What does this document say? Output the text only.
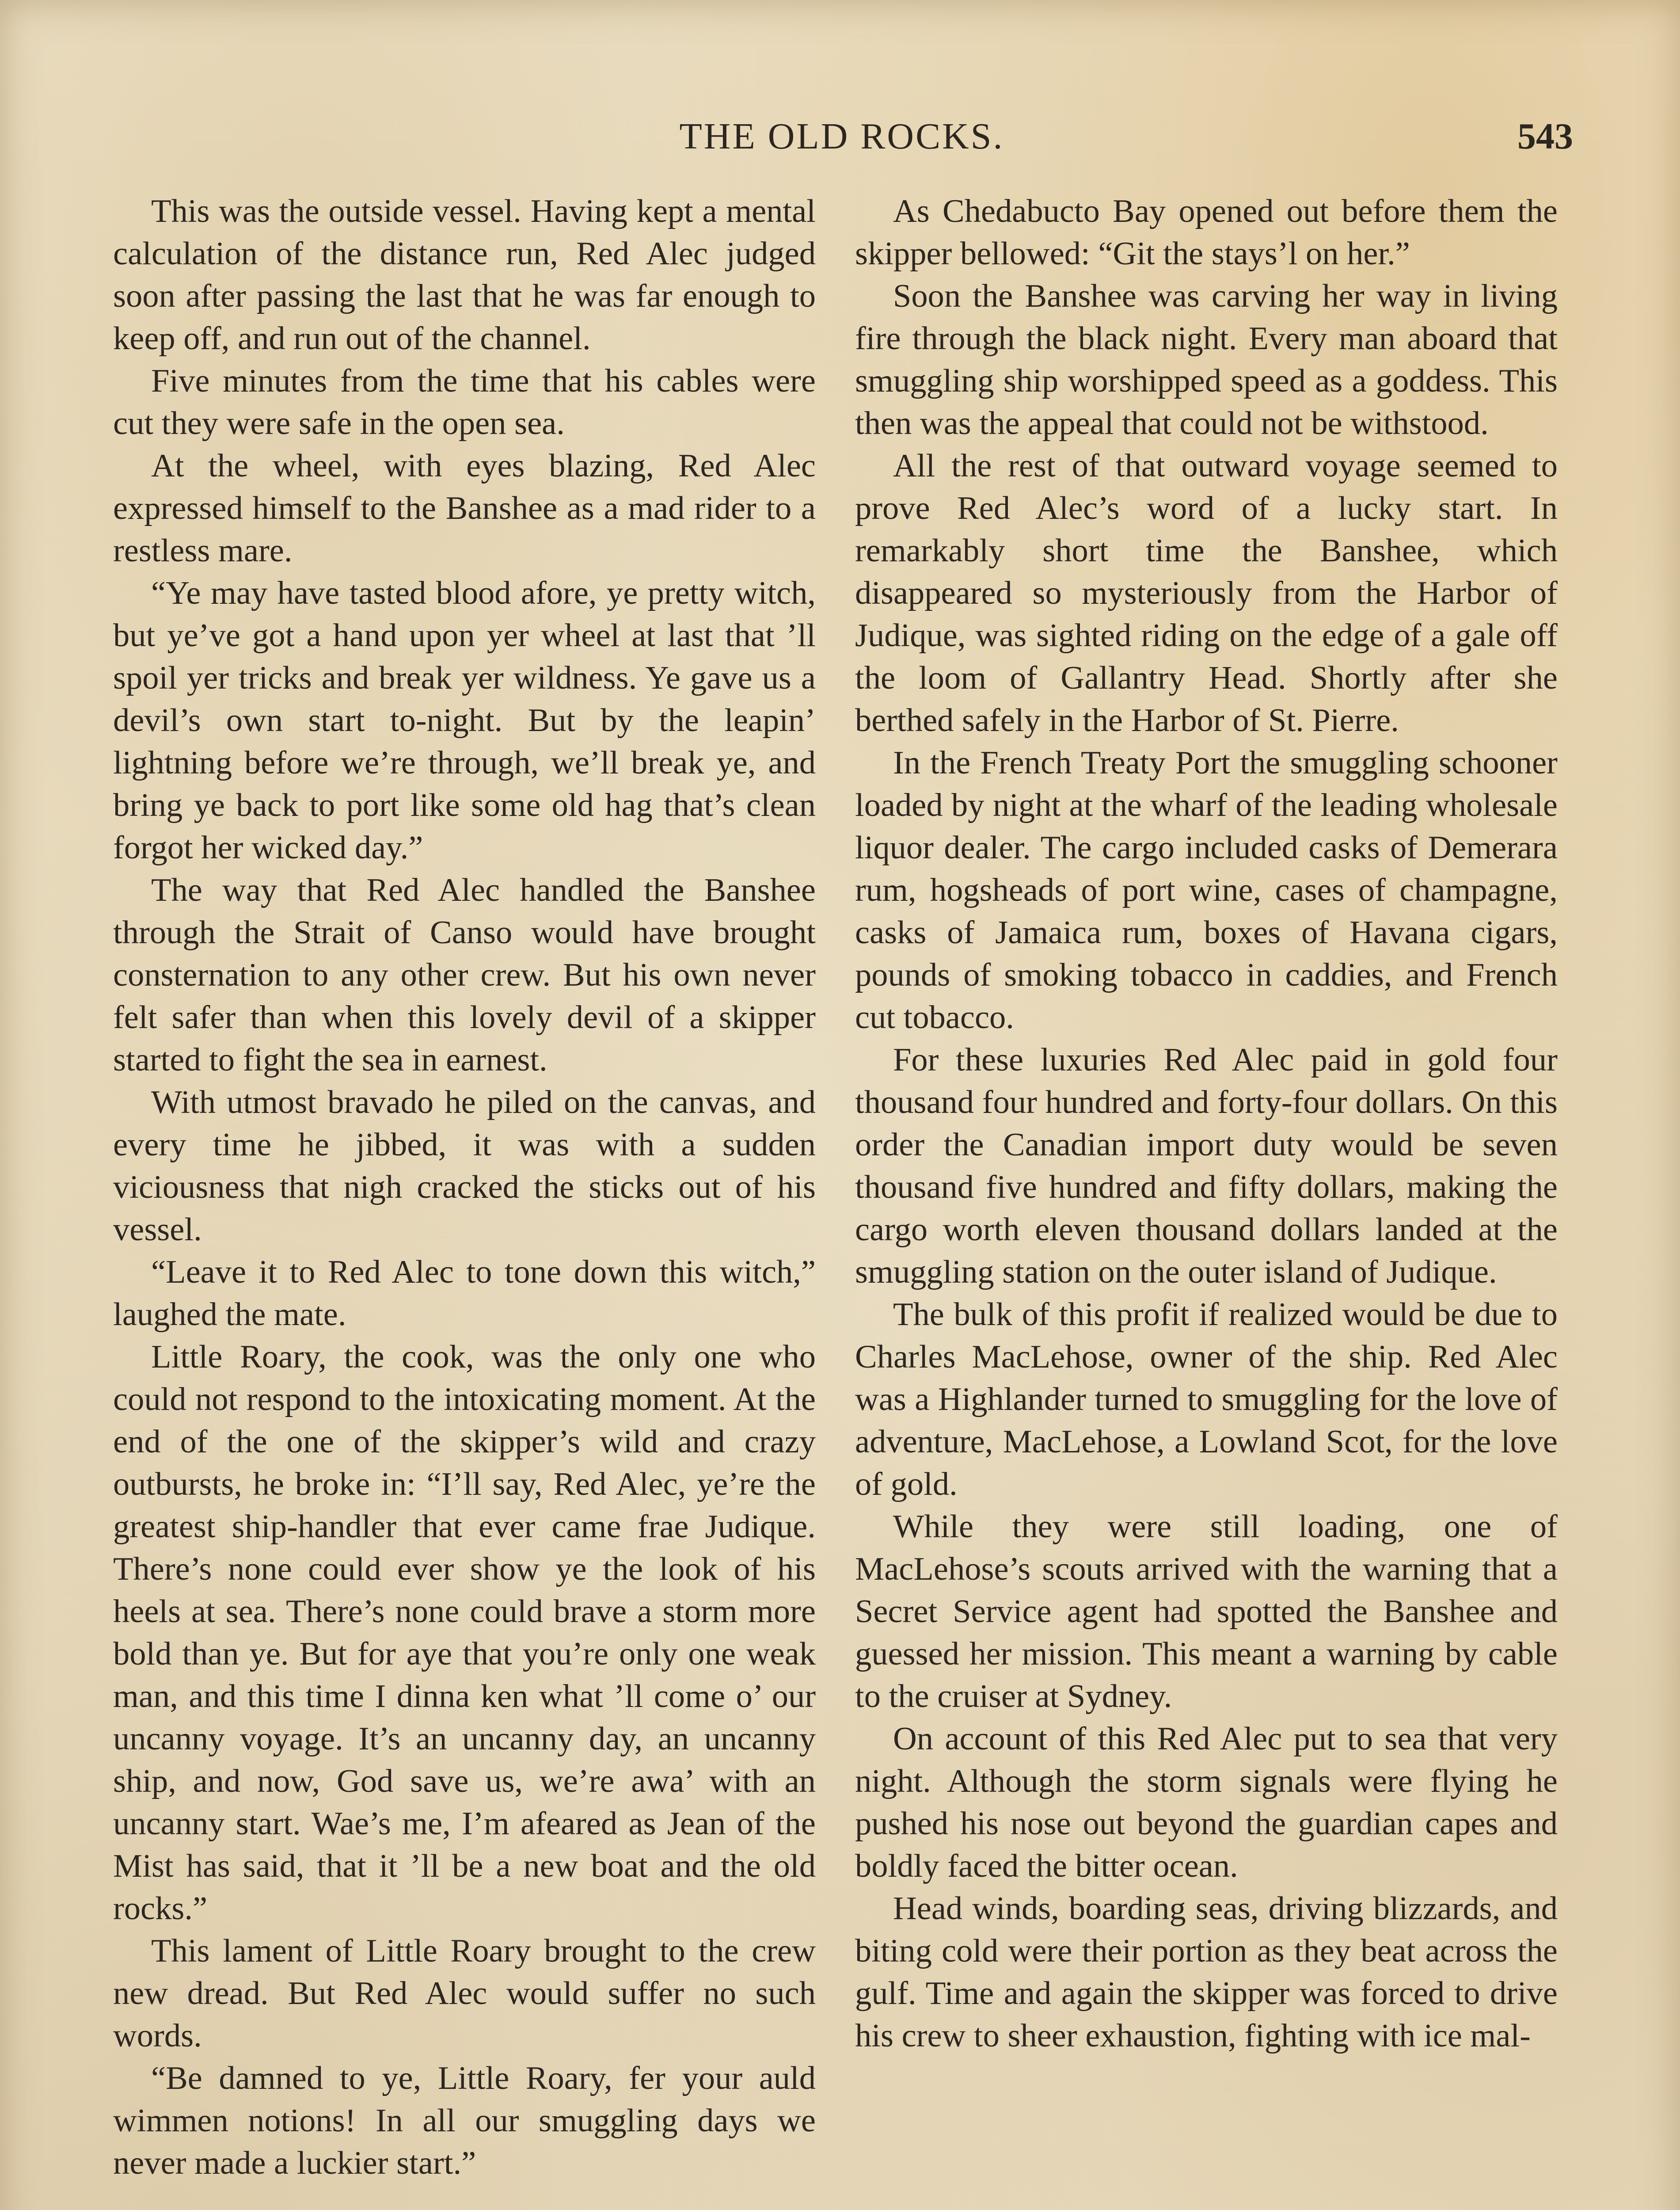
THE OLD ROCKS.	543

This was the outside vessel. Having kept a mental calculation of the distance run, Red Alec judged soon after passing the last that he was far enough to keep off, and run out of the channel.

Five minutes from the time that his cables were cut they were safe in the open sea.

At the wheel, with eyes blazing, Red Alec expressed himself to the Banshee as a mad rider to a restless mare.

“Ye may have tasted blood afore, ye pretty witch, but ye’ve got a hand upon yer wheel at last that ’ll spoil yer tricks and break yer wildness. Ye gave us a devil’s own start to-night. But by the leapin’ lightning before we’re through, we’ll break ye, and bring ye back to port like some old hag that’s clean forgot her wicked day.”

The way that Red Alec handled the Banshee through the Strait of Canso would have brought consternation to any other crew. But his own never felt safer than when this lovely devil of a skipper started to fight the sea in earnest.

With utmost bravado he piled on the canvas, and every time he jibbed, it was with a sudden viciousness that nigh cracked the sticks out of his vessel.

“Leave it to Red Alec to tone down this witch,” laughed the mate.

Little Roary, the cook, was the only one who could not respond to the intoxicating moment. At the end of the one of the skipper’s wild and crazy outbursts, he broke in: “I’ll say, Red Alec, ye’re the greatest ship-handler that ever came frae Judique. There’s none could ever show ye the look of his heels at sea. There’s none could brave a storm more bold than ye. But for aye that you’re only one weak man, and this time I dinna ken what ’ll come o’ our uncanny voyage. It’s an uncanny day, an uncanny ship, and now, God save us, we’re awa’ with an uncanny start. Wae’s me, I’m afeared as Jean of the Mist has said, that it ’ll be a new boat and the old rocks.”

This lament of Little Roary brought to the crew new dread. But Red Alec would suffer no such words.

“Be damned to ye, Little Roary, fer your auld wimmen notions! In all our smuggling days we never made a luckier start.”

As Chedabucto Bay opened out before them the skipper bellowed: “Git the stays’l on her.”

Soon the Banshee was carving her way in living fire through the black night. Every man aboard that smuggling ship worshipped speed as a goddess. This then was the appeal that could not be withstood.

All the rest of that outward voyage seemed to prove Red Alec’s word of a lucky start. In remarkably short time the Banshee, which disappeared so mysteriously from the Harbor of Judique, was sighted riding on the edge of a gale off the loom of Gallantry Head. Shortly after she berthed safely in the Harbor of St. Pierre.

In the French Treaty Port the smuggling schooner loaded by night at the wharf of the leading wholesale liquor dealer. The cargo included casks of Demerara rum, hogsheads of port wine, cases of champagne, casks of Jamaica rum, boxes of Havana cigars, pounds of smoking tobacco in caddies, and French cut tobacco.

For these luxuries Red Alec paid in gold four thousand four hundred and forty-four dollars. On this order the Canadian import duty would be seven thousand five hundred and fifty dollars, making the cargo worth eleven thousand dollars landed at the smuggling station on the outer island of Judique.

The bulk of this profit if realized would be due to Charles MacLehose, owner of the ship. Red Alec was a Highlander turned to smuggling for the love of adventure, MacLehose, a Lowland Scot, for the love of gold.

While they were still loading, one of MacLehose’s scouts arrived with the warning that a Secret Service agent had spotted the Banshee and guessed her mission. This meant a warning by cable to the cruiser at Sydney.

On account of this Red Alec put to sea that very night. Although the storm signals were flying he pushed his nose out beyond the guardian capes and boldly faced the bitter ocean.

Head winds, boarding seas, driving blizzards, and biting cold were their portion as they beat across the gulf. Time and again the skipper was forced to drive his crew to sheer exhaustion, fighting with ice mal-
